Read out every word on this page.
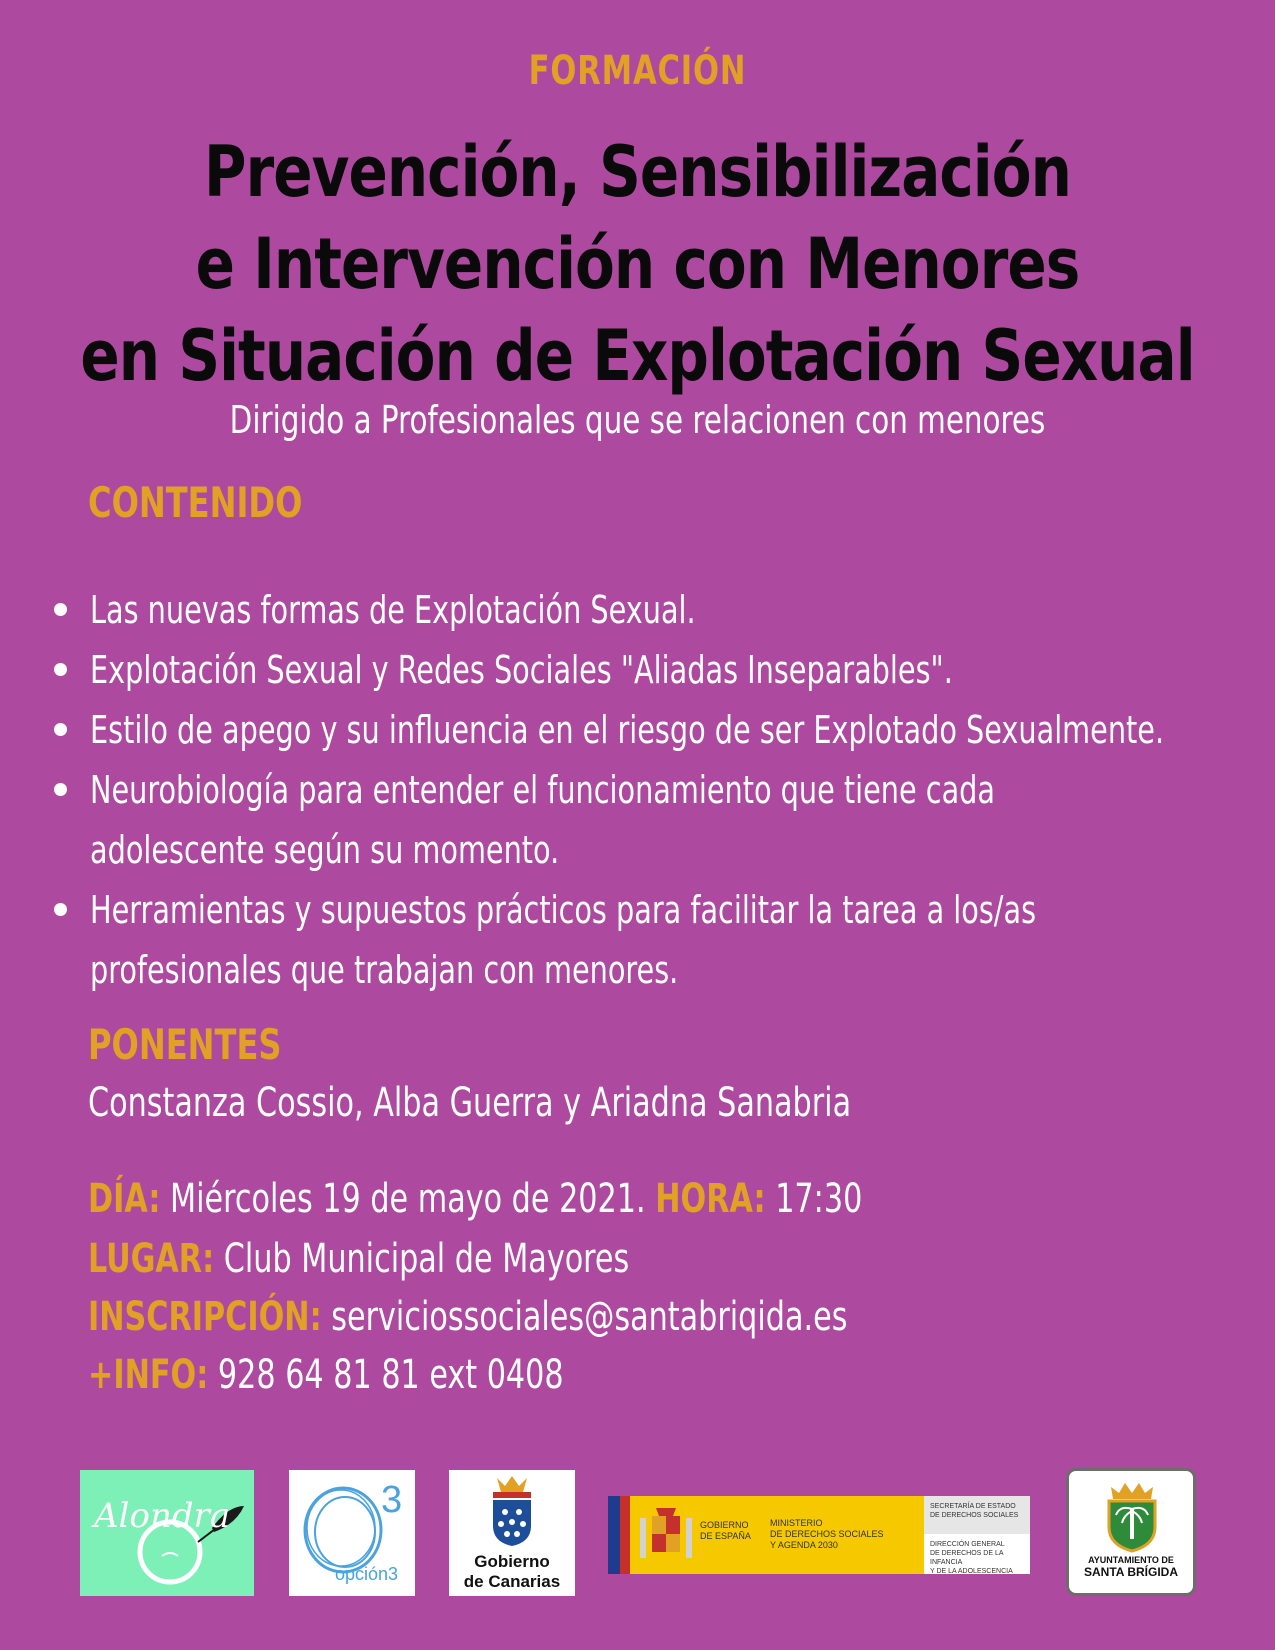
FORMACIÓN
Prevención, Sensibilización
e Intervención con Menores
en Situación de Explotación Sexual
Dirigido a Profesionales que se relacionen con menores
CONTENIDO
Las nuevas formas de Explotación Sexual.
Explotación Sexual y Redes Sociales "Aliadas Inseparables".
Estilo de apego y su influencia en el riesgo de ser Explotado Sexualmente.
Neurobiología para entender el funcionamiento que tiene cada
adolescente según su momento.
Herramientas y supuestos prácticos para facilitar la tarea a los/as
profesionales que trabajan con menores.
PONENTES
Constanza Cossio, Alba Guerra y Ariadna Sanabria
DÍA: Miércoles 19 de mayo de 2021. HORA: 17:30
LUGAR: Club Municipal de Mayores
INSCRIPCIÓN: serviciossociales@santabriqida.es
+INFO: 928 64 81 81 ext 0408
Alondra	3
opción3
Gobierno
de Canarias
GOBIERNO DE ESPAÑA
MINISTERIO
DE DERECHOS SOCIALES
Y AGENDA 2030
SECRETARÍA DE ESTADO
DE DERECHOS SOCIALES
DIRECCIÓN GENERAL
DE DERECHOS DE LA INFANCIA
Y DE LA ADOLESCENCIA
AYUNTAMIENTO DE
SANTA BRÍGIDA
